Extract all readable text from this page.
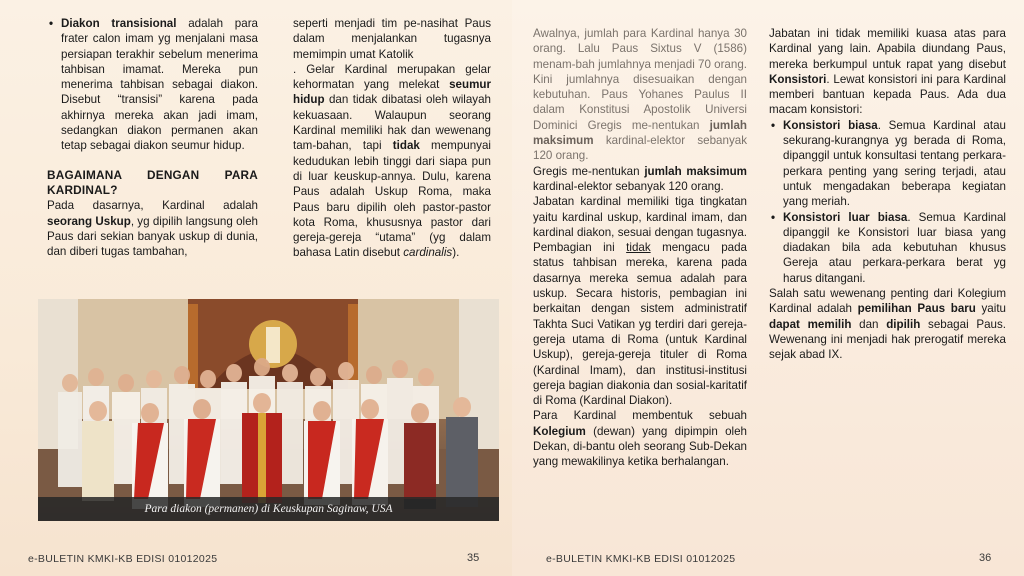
• Diakon transisional adalah para frater calon imam yg menjalani masa persiapan terakhir sebelum menerima tahbisan imamat. Mereka pun menerima tahbisan sebagai diakon. Disebut “transisi” karena pada akhirnya mereka akan jadi imam, sedangkan diakon permanen akan tetap sebagai diakon seumur hidup.
BAGAIMANA DENGAN PARA KARDINAL?

Pada dasarnya, Kardinal adalah seorang Uskup, yg dipilih langsung oleh Paus dari sekian banyak uskup di dunia, dan diberi tugas tambahan,

seperti menjadi tim pe-nasihat Paus dalam menjalankan tugasnya memimpin umat Katolik

. Gelar Kardinal merupakan gelar kehormatan yang melekat seumur hidup dan tidak dibatasi oleh wilayah kekuasaan. Walaupun seorang Kardinal memiliki hak dan wewenang tam-bahan, tapi tidak mempunyai kedudukan lebih tinggi dari siapa pun di luar keuskup-annya. Dulu, karena Paus adalah Uskup Roma, maka Paus baru dipilih oleh pastor-pastor kota Roma, khususnya pastor dari gereja-gereja “utama” (yg dalam bahasa Latin disebut cardinalis).

Para diakon (permanen) di Keuskupan Saginaw, USA
e-BULETIN KMKI-KB EDISI 01012025	35

Awalnya, jumlah para Kardinal hanya 30 orang. Lalu Paus Sixtus V (1586) menam-bah jumlahnya menjadi 70 orang. Kini jumlahnya disesuaikan dengan kebutuhan. Paus Yohanes Paulus II dalam Konstitusi Apostolik Universi Dominici Gregis me-nentukan jumlah maksimum kardinal-elektor sebanyak 120 orang.

Gregis me-nentukan jumlah maksimum kardinal-elektor sebanyak 120 orang.

Jabatan kardinal memiliki tiga tingkatan yaitu kardinal uskup, kardinal imam, dan kardinal diakon, sesuai dengan tugasnya. Pembagian ini tidak mengacu pada status tahbisan mereka, karena pada dasarnya mereka semua adalah para uskup. Secara historis, pembagian ini berkaitan dengan sistem administratif Takhta Suci Vatikan yg terdiri dari gereja-gereja utama di Roma (untuk Kardinal Uskup), gereja-gereja tituler di Roma (Kardinal Imam), dan institusi-institusi gereja bagian diakonia dan sosial-karitatif di Roma (Kardinal Diakon).

Para Kardinal membentuk sebuah Kolegium (dewan) yang dipimpin oleh Dekan, di-bantu oleh seorang Sub-Dekan yang mewakilinya ketika berhalangan.

Jabatan ini tidak memiliki kuasa atas para Kardinal yang lain. Apabila diundang Paus, mereka berkumpul untuk rapat yang disebut Konsistori. Lewat konsistori ini para Kardinal memberi bantuan kepada Paus. Ada dua macam konsistori:

• Konsistori biasa. Semua Kardinal atau sekurang-kurangnya yg berada di Roma, dipanggil untuk konsultasi tentang perkara-perkara penting yang sering terjadi, atau untuk mengadakan beberapa kegiatan yang meriah.
• Konsistori luar biasa. Semua Kardinal dipanggil ke Konsistori luar biasa yang diadakan bila ada kebutuhan khusus Gereja atau perkara-perkara berat yg harus ditangani.

Salah satu wewenang penting dari Kolegium Kardinal adalah pemilihan Paus baru yaitu dapat memilih dan dipilih sebagai Paus. Wewenang ini menjadi hak prerogatif mereka sejak abad IX.

e-BULETIN KMKI-KB EDISI 01012025	36
